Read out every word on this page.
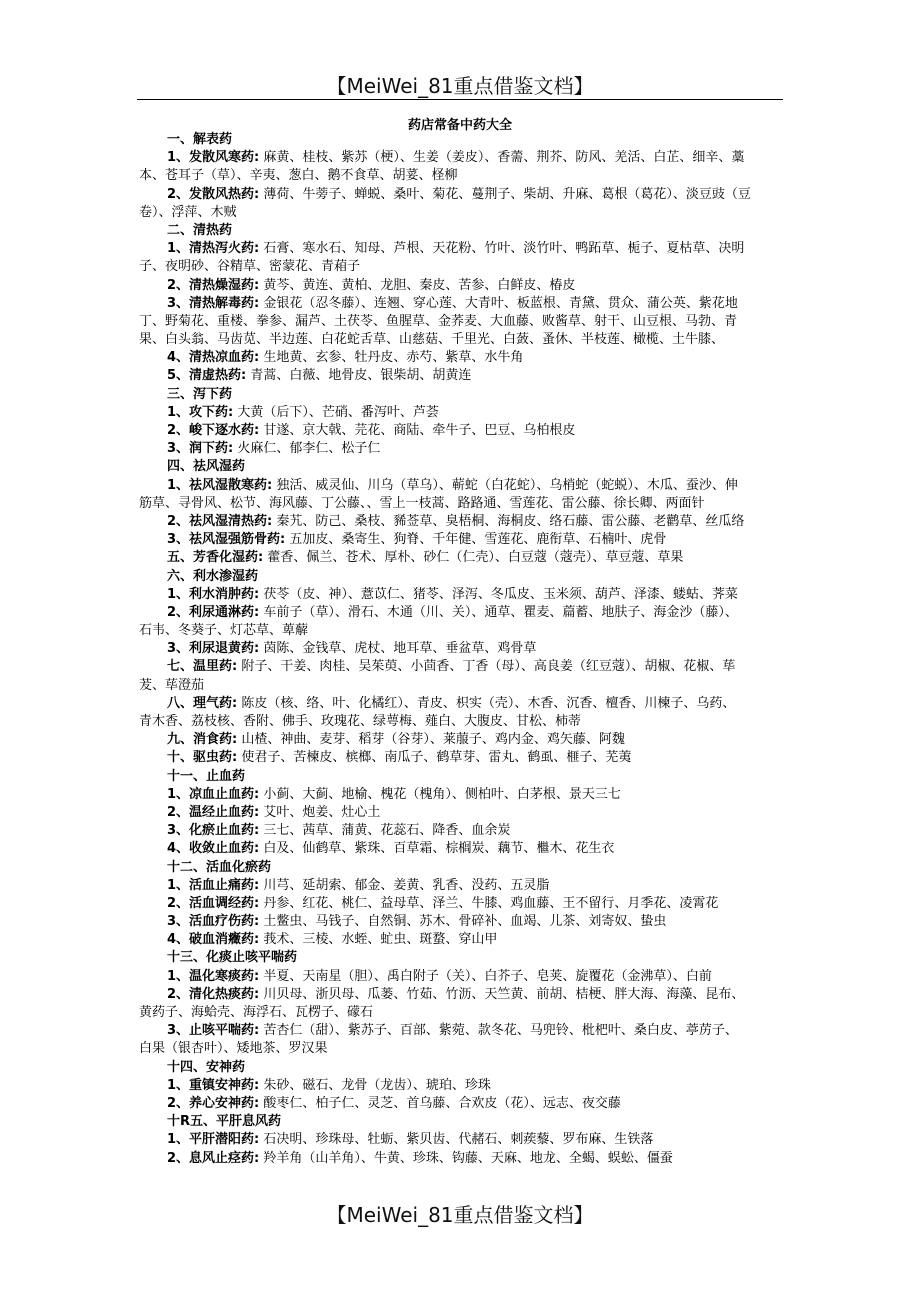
【MeiWei_81重点借鉴文档】
药店常备中药大全
一、解表药
1、发散风寒药: 麻黄、桂枝、紫苏（梗）、生姜（姜皮）、香薷、荆芥、防风、羌活、白芷、细辛、藁
本、苍耳子（草）、辛夷、葱白、鹅不食草、胡荽、柽柳
2、发散风热药: 薄荷、牛蒡子、蝉蜕、桑叶、菊花、蔓荆子、柴胡、升麻、葛根（葛花）、淡豆豉（豆
卷）、浮萍、木贼
二、清热药
1、清热泻火药: 石膏、寒水石、知母、芦根、天花粉、竹叶、淡竹叶、鸭跖草、栀子、夏枯草、决明
子、夜明砂、谷精草、密蒙花、青葙子
2、清热燥湿药: 黄芩、黄连、黄柏、龙胆、秦皮、苦参、白鲜皮、椿皮
3、清热解毒药: 金银花（忍冬藤）、连翘、穿心莲、大青叶、板蓝根、青黛、贯众、蒲公英、紫花地
丁、野菊花、重楼、拳参、漏芦、土茯苓、鱼腥草、金荞麦、大血藤、败酱草、射干、山豆根、马勃、青
果、白头翁、马齿苋、半边莲、白花蛇舌草、山慈菇、千里光、白蔹、蚤休、半枝莲、橄榄、土牛膝、
4、清热凉血药: 生地黄、玄参、牡丹皮、赤芍、紫草、水牛角
5、清虚热药: 青蒿、白薇、地骨皮、银柴胡、胡黄连
三、泻下药
1、攻下药: 大黄（后下）、芒硝、番泻叶、芦荟
2、峻下逐水药: 甘遂、京大戟、芫花、商陆、牵牛子、巴豆、乌柏根皮
3、润下药: 火麻仁、郁李仁、松子仁
四、祛风湿药
1、祛风湿散寒药: 独活、威灵仙、川乌（草乌）、蕲蛇（白花蛇）、乌梢蛇（蛇蜕）、木瓜、蚕沙、伸
筋草、寻骨风、松节、海风藤、丁公藤、、雪上一枝蒿、路路通、雪莲花、雷公藤、徐长卿、两面针
2、祛风湿清热药: 秦艽、防己、桑枝、豨莶草、臭梧桐、海桐皮、络石藤、雷公藤、老鹳草、丝瓜络
3、祛风湿强筋骨药: 五加皮、桑寄生、狗脊、千年健、雪莲花、鹿衔草、石楠叶、虎骨
五、芳香化湿药: 藿香、佩兰、苍术、厚朴、砂仁（仁壳）、白豆蔻（蔻壳）、草豆蔻、草果
六、利水渗湿药
1、利水消肿药: 茯苓（皮、神）、薏苡仁、猪苓、泽泻、冬瓜皮、玉米须、葫芦、泽漆、蝼蛄、荠菜
2、利尿通淋药: 车前子（草）、滑石、木通（川、关）、通草、瞿麦、萹蓄、地肤子、海金沙（藤）、
石韦、冬葵子、灯芯草、萆薢
3、利尿退黄药: 茵陈、金钱草、虎杖、地耳草、垂盆草、鸡骨草
七、温里药: 附子、干姜、肉桂、吴茱萸、小茴香、丁香（母）、高良姜（红豆蔻）、胡椒、花椒、荜
茇、荜澄茄
八、理气药: 陈皮（核、络、叶、化橘红）、青皮、枳实（壳）、木香、沉香、檀香、川楝子、乌药、
青木香、荔枝核、香附、佛手、玫瑰花、绿萼梅、薤白、大腹皮、甘松、柿蒂
九、消食药: 山楂、神曲、麦芽、稻芽（谷芽）、莱菔子、鸡内金、鸡矢藤、阿魏
十、驱虫药: 使君子、苦楝皮、槟榔、南瓜子、鹤草芽、雷丸、鹤虱、榧子、芜荑
十一、止血药
1、凉血止血药: 小蓟、大蓟、地榆、槐花（槐角）、侧柏叶、白茅根、景天三七
2、温经止血药: 艾叶、炮姜、灶心土
3、化瘀止血药: 三七、茜草、蒲黄、花蕊石、降香、血余炭
4、收敛止血药: 白及、仙鹤草、紫珠、百草霜、棕榈炭、藕节、檵木、花生衣
十二、活血化瘀药
1、活血止痛药: 川芎、延胡索、郁金、姜黄、乳香、没药、五灵脂
2、活血调经药: 丹参、红花、桃仁、益母草、泽兰、牛膝、鸡血藤、王不留行、月季花、凌霄花
3、活血疗伤药: 土鳖虫、马钱子、自然铜、苏木、骨碎补、血竭、儿茶、刘寄奴、蛰虫
4、破血消癥药: 莪术、三棱、水蛭、虻虫、斑蝥、穿山甲
十三、化痰止咳平喘药
1、温化寒痰药: 半夏、天南星（胆）、禹白附子（关）、白芥子、皂荚、旋覆花（金沸草）、白前
2、清化热痰药: 川贝母、浙贝母、瓜蒌、竹茹、竹沥、天竺黄、前胡、桔梗、胖大海、海藻、昆布、
黄药子、海蛤壳、海浮石、瓦楞子、礞石
3、止咳平喘药: 苦杏仁（甜）、紫苏子、百部、紫菀、款冬花、马兜铃、枇杷叶、桑白皮、葶苈子、
白果（银杏叶）、矮地茶、罗汉果
十四、安神药
1、重镇安神药: 朱砂、磁石、龙骨（龙齿）、琥珀、珍珠
2、养心安神药: 酸枣仁、柏子仁、灵芝、首乌藤、合欢皮（花）、远志、夜交藤
十R五、平肝息风药
1、平肝潜阳药: 石决明、珍珠母、牡蛎、紫贝齿、代赭石、刺蒺藜、罗布麻、生铁落
2、息风止痉药: 羚羊角（山羊角）、牛黄、珍珠、钩藤、天麻、地龙、全蝎、蜈蚣、僵蚕
【MeiWei_81重点借鉴文档】
